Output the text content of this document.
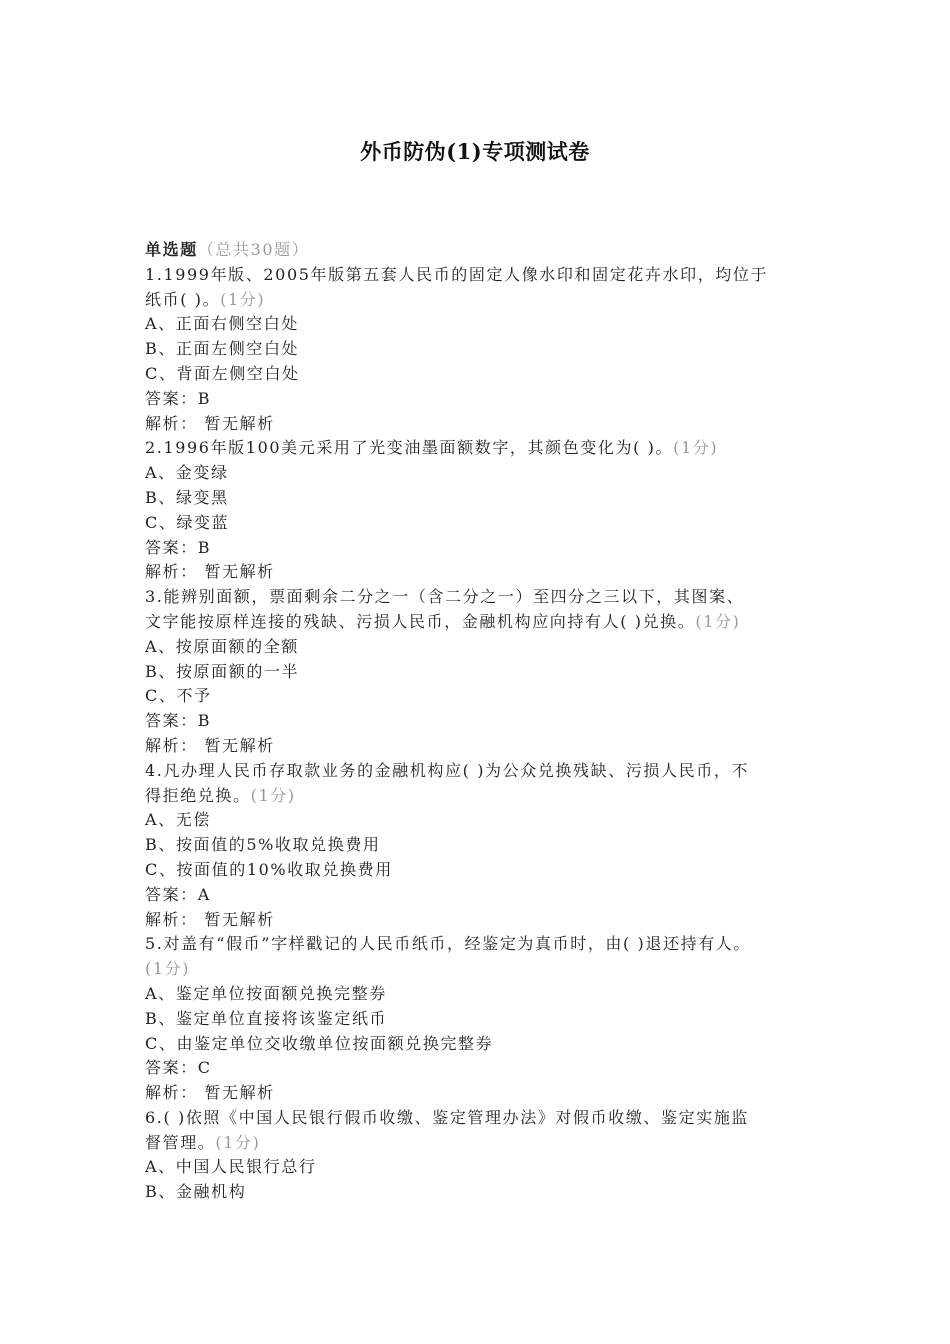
外币防伪(1)专项测试卷
单选题（总共30题）
1.1999年版、2005年版第五套人民币的固定人像水印和固定花卉水印，均位于
纸币( )。(1分)
A、正面右侧空白处
B、正面左侧空白处
C、背面左侧空白处
答案：B
解析： 暂无解析
2.1996年版100美元采用了光变油墨面额数字，其颜色变化为( )。(1分)
A、金变绿
B、绿变黑
C、绿变蓝
答案：B
解析： 暂无解析
3.能辨别面额，票面剩余二分之一（含二分之一）至四分之三以下，其图案、
文字能按原样连接的残缺、污损人民币，金融机构应向持有人( )兑换。(1分)
A、按原面额的全额
B、按原面额的一半
C、不予
答案：B
解析： 暂无解析
4.凡办理人民币存取款业务的金融机构应( )为公众兑换残缺、污损人民币，不
得拒绝兑换。(1分)
A、无偿
B、按面值的5%收取兑换费用
C、按面值的10%收取兑换费用
答案：A
解析： 暂无解析
5.对盖有“假币”字样戳记的人民币纸币，经鉴定为真币时，由( )退还持有人。
(1分)
A、鉴定单位按面额兑换完整券
B、鉴定单位直接将该鉴定纸币
C、由鉴定单位交收缴单位按面额兑换完整券
答案：C
解析： 暂无解析
6.( )依照《中国人民银行假币收缴、鉴定管理办法》对假币收缴、鉴定实施监
督管理。(1分)
A、中国人民银行总行
B、金融机构
